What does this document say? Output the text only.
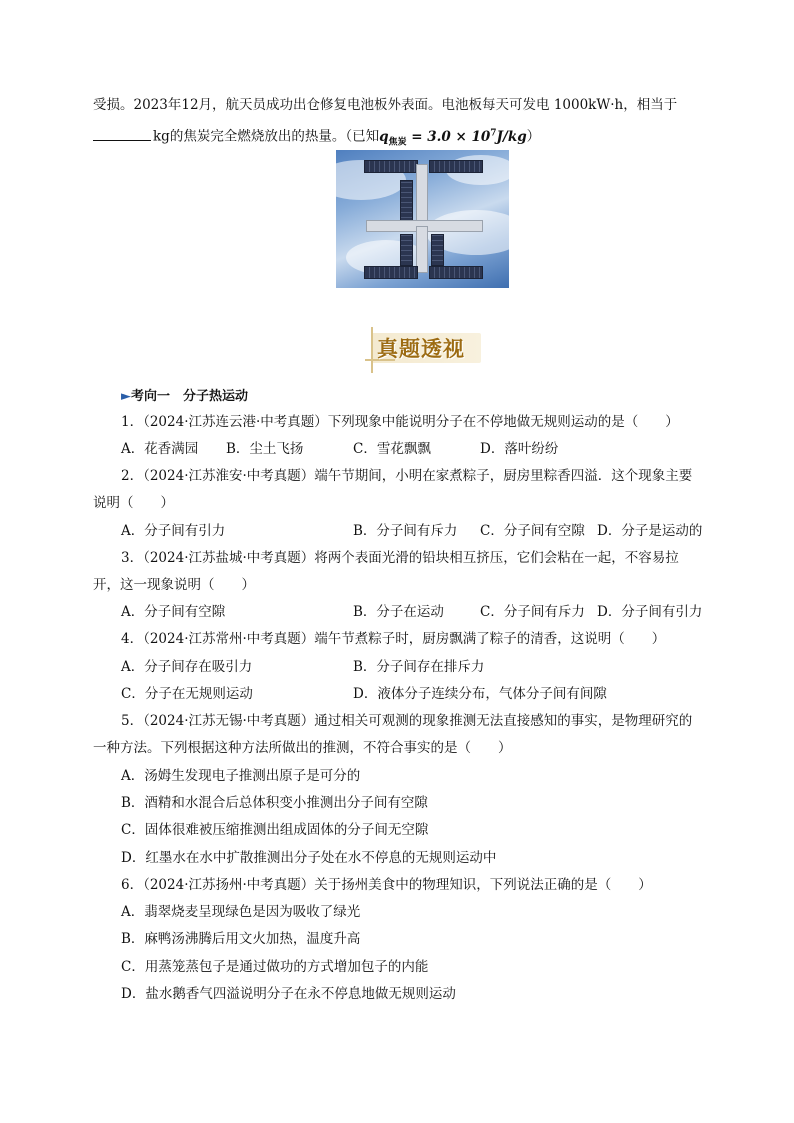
受损。2023年12月，航天员成功出仓修复电池板外表面。电池板每天可发电 1000kW·h，相当于
kg的焦炭完全燃烧放出的热量。（已知$q_{焦炭} = 3.0 \times 10^7J/kg$）
真题透视
►考向一　分子热运动
1．（2024·江苏连云港·中考真题）下列现象中能说明分子在不停地做无规则运动的是（　　）
A．花香满园 B．尘土飞扬	C．雪花飘飘	D．落叶纷纷
2．（2024·江苏淮安·中考真题）端午节期间，小明在家煮粽子，厨房里粽香四溢．这个现象主要
说明（　　）
A．分子间有引力	B．分子间有斥力 C．分子间有空隙 D．分子是运动的
3．（2024·江苏盐城·中考真题）将两个表面光滑的铅块相互挤压，它们会粘在一起，不容易拉
开，这一现象说明（　　）
A．分子间有空隙	B．分子在运动	C．分子间有斥力 D．分子间有引力
4．（2024·江苏常州·中考真题）端午节煮粽子时，厨房飘满了粽子的清香，这说明（　　）
A．分子间存在吸引力	B．分子间存在排斥力
C．分子在无规则运动	D．液体分子连续分布，气体分子间有间隙
5．（2024·江苏无锡·中考真题）通过相关可观测的现象推测无法直接感知的事实，是物理研究的
一种方法。下列根据这种方法所做出的推测，不符合事实的是（　　）
A．汤姆生发现电子推测出原子是可分的
B．酒精和水混合后总体积变小推测出分子间有空隙
C．固体很难被压缩推测出组成固体的分子间无空隙
D．红墨水在水中扩散推测出分子处在水不停息的无规则运动中
6．（2024·江苏扬州·中考真题）关于扬州美食中的物理知识，下列说法正确的是（　　）
A．翡翠烧麦呈现绿色是因为吸收了绿光
B．麻鸭汤沸腾后用文火加热，温度升高
C．用蒸笼蒸包子是通过做功的方式增加包子的内能
D．盐水鹅香气四溢说明分子在永不停息地做无规则运动
